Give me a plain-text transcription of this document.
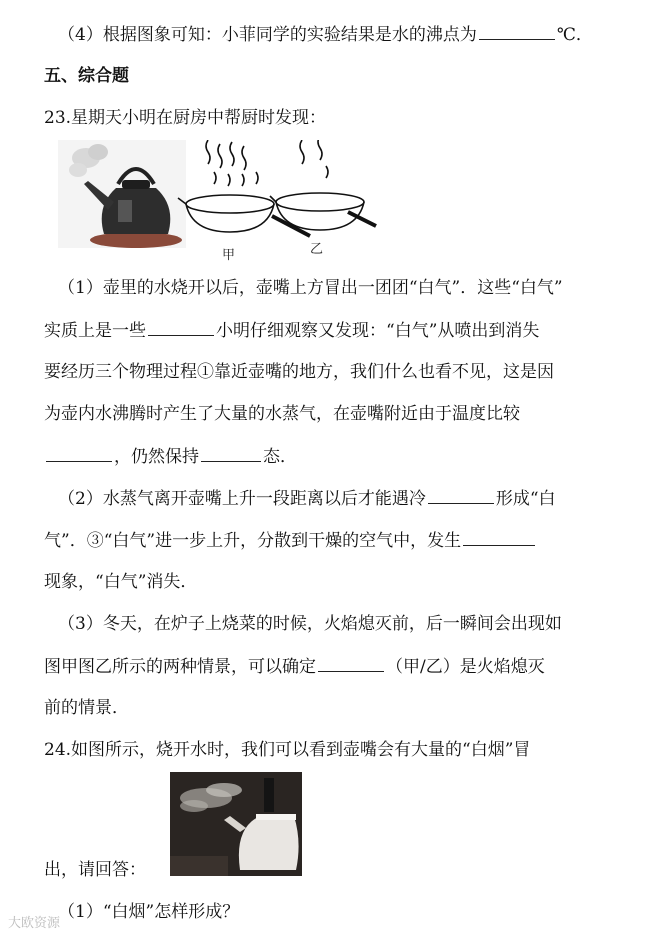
（4）根据图象可知：小菲同学的实验结果是水的沸点为	℃．
五、综合题
23.星期天小明在厨房中帮厨时发现：
甲	乙
（1）壶里的水烧开以后，壶嘴上方冒出一团团“白气”．这些“白气”
实质上是一些	小明仔细观察又发现：“白气”从喷出到消失
要经历三个物理过程①靠近壶嘴的地方，我们什么也看不见，这是因
为壶内水沸腾时产生了大量的水蒸气，在壶嘴附近由于温度比较
，仍然保持	态．
（2）水蒸气离开壶嘴上升一段距离以后才能遇冷	形成“白
气”．③“白气”进一步上升，分散到干燥的空气中，发生
现象，“白气”消失．
（3）冬天，在炉子上烧菜的时候，火焰熄灭前，后一瞬间会出现如
图甲图乙所示的两种情景，可以确定	（甲/乙）是火焰熄灭
前的情景．
24.如图所示，烧开水时，我们可以看到壶嘴会有大量的“白烟”冒
出，请回答：
（1）“白烟”怎样形成？
大欧资源
